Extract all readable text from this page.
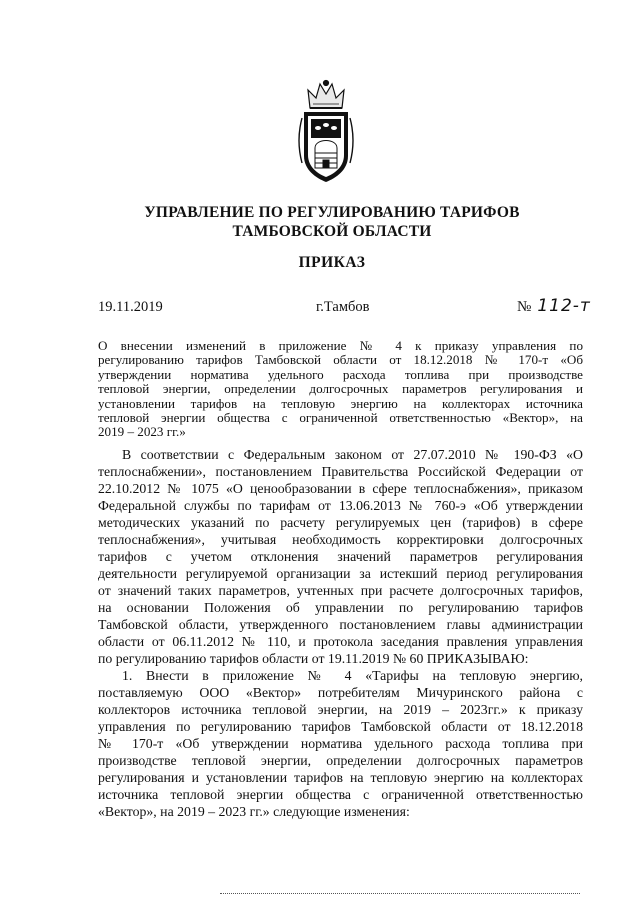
УПРАВЛЕНИЕ ПО РЕГУЛИРОВАНИЮ ТАРИФОВ
ТАМБОВСКОЙ ОБЛАСТИ
ПРИКАЗ
19.11.2019	г.Тамбов	№ 112-т
О внесении изменений в приложение № 4 к приказу управления по
регулированию тарифов Тамбовской области от 18.12.2018 № 170-т «Об
утверждении норматива удельного расхода топлива при производстве
тепловой энергии, определении долгосрочных параметров регулирования и
установлении тарифов на тепловую энергию на коллекторах источника
тепловой энергии общества с ограниченной ответственностью «Вектор», на
2019 – 2023 гг.»
В соответствии с Федеральным законом от 27.07.2010 № 190-ФЗ «О
теплоснабжении», постановлением Правительства Российской Федерации от
22.10.2012 № 1075 «О ценообразовании в сфере теплоснабжения», приказом
Федеральной службы по тарифам от 13.06.2013 № 760-э «Об утверждении
методических указаний по расчету регулируемых цен (тарифов) в сфере
теплоснабжения», учитывая необходимость корректировки долгосрочных
тарифов с учетом отклонения значений параметров регулирования
деятельности регулируемой организации за истекший период регулирования
от значений таких параметров, учтенных при расчете долгосрочных тарифов,
на основании Положения об управлении по регулированию тарифов
Тамбовской области, утвержденного постановлением главы администрации
области от 06.11.2012 № 110, и протокола заседания правления управления
по регулированию тарифов области от 19.11.2019 № 60 ПРИКАЗЫВАЮ:
1. Внести в приложение № 4 «Тарифы на тепловую энергию,
поставляемую ООО «Вектор» потребителям Мичуринского района с
коллекторов источника тепловой энергии, на 2019 – 2023гг.» к приказу
управления по регулированию тарифов Тамбовской области от 18.12.2018
№ 170-т «Об утверждении норматива удельного расхода топлива при
производстве тепловой энергии, определении долгосрочных параметров
регулирования и установлении тарифов на тепловую энергию на коллекторах
источника тепловой энергии общества с ограниченной ответственностью
«Вектор», на 2019 – 2023 гг.» следующие изменения:
